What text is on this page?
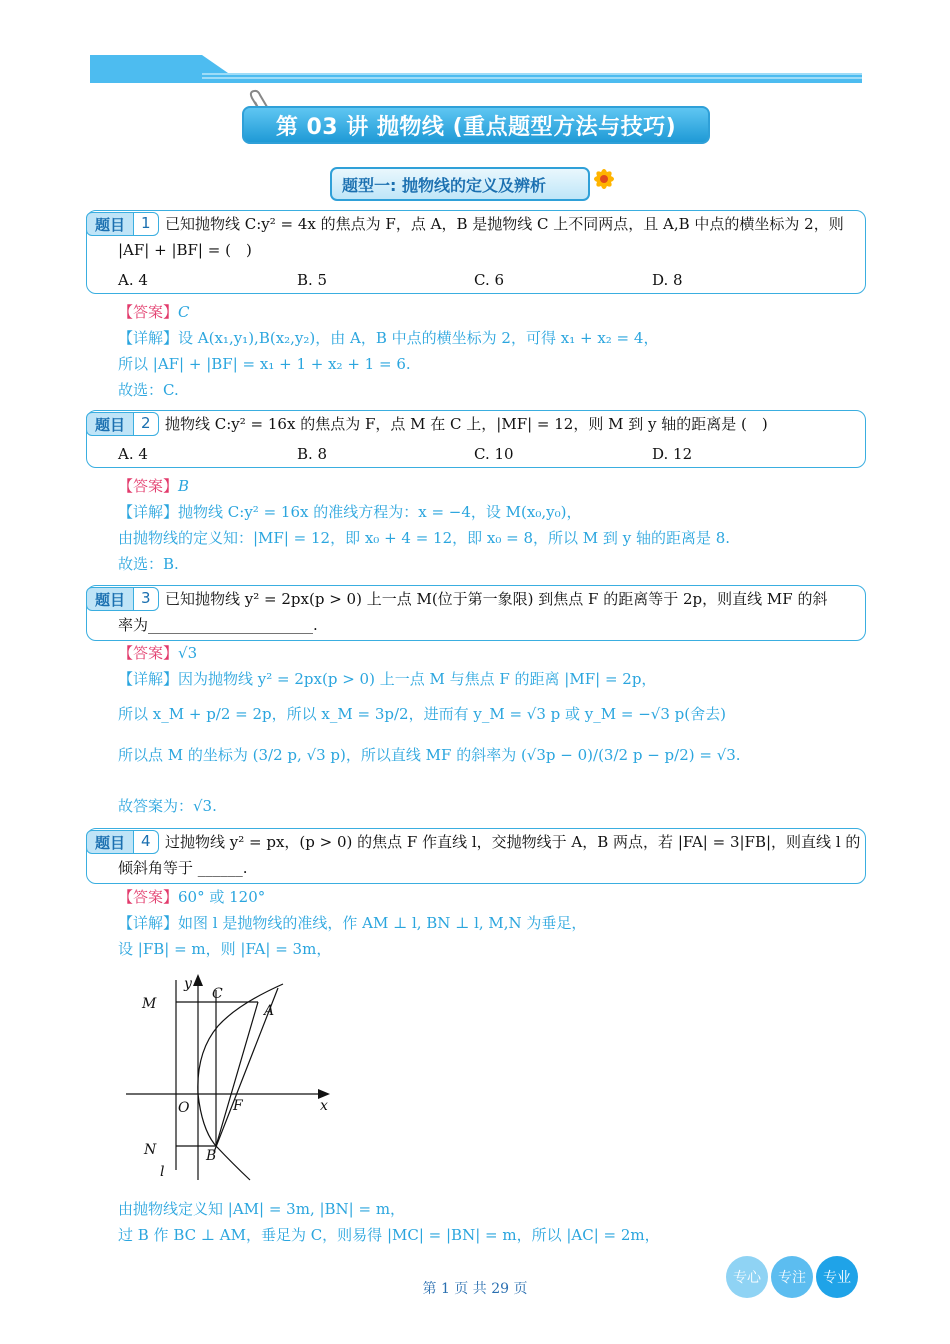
第 03 讲 抛物线 (重点题型方法与技巧)
题型一: 抛物线的定义及辨析
题目	1 已知抛物线 C:y² = 4x 的焦点为 F，点 A，B 是抛物线 C 上不同两点，且 A,B 中点的横坐标为 2，则
|AF| + |BF| = (　)
A. 4	B. 5	C. 6	D. 8
【答案】C
【详解】设 A(x₁,y₁),B(x₂,y₂)，由 A，B 中点的横坐标为 2，可得 x₁ + x₂ = 4，
所以 |AF| + |BF| = x₁ + 1 + x₂ + 1 = 6.
故选：C.
题目	2 抛物线 C:y² = 16x 的焦点为 F，点 M 在 C 上，|MF| = 12，则 M 到 y 轴的距离是 (　)
A. 4	B. 8	C. 10	D. 12
【答案】B
【详解】抛物线 C:y² = 16x 的准线方程为：x = −4，设 M(x₀,y₀)，
由抛物线的定义知：|MF| = 12，即 x₀ + 4 = 12，即 x₀ = 8，所以 M 到 y 轴的距离是 8.
故选：B.
题目	3 已知抛物线 y² = 2px(p > 0) 上一点 M(位于第一象限) 到焦点 F 的距离等于 2p，则直线 MF 的斜
率为______________________.
【答案】√3
【详解】因为抛物线 y² = 2px(p > 0) 上一点 M 与焦点 F 的距离 |MF| = 2p，
所以 x_M + p/2 = 2p，所以 x_M = 3p/2，进而有 y_M = √3 p 或 y_M = −√3 p(舍去)
所以点 M 的坐标为 (3/2 p, √3 p)，所以直线 MF 的斜率为 (√3p − 0)/(3/2 p − p/2) = √3.
故答案为：√3.
题目	4 过抛物线 y² = px，(p > 0) 的焦点 F 作直线 l，交抛物线于 A，B 两点，若 |FA| = 3|FB|，则直线 l 的
倾斜角等于 ______.
【答案】60° 或 120°
【详解】如图 l 是抛物线的准线，作 AM ⊥ l, BN ⊥ l, M,N 为垂足，
设 |FB| = m，则 |FA| = 3m，
y
x
M
C
A
O	F
N	B
l
由抛物线定义知 |AM| = 3m, |BN| = m，
过 B 作 BC ⊥ AM，垂足为 C，则易得 |MC| = |BN| = m，所以 |AC| = 2m，
第 1 页 共 29 页
专心	专注	专业
